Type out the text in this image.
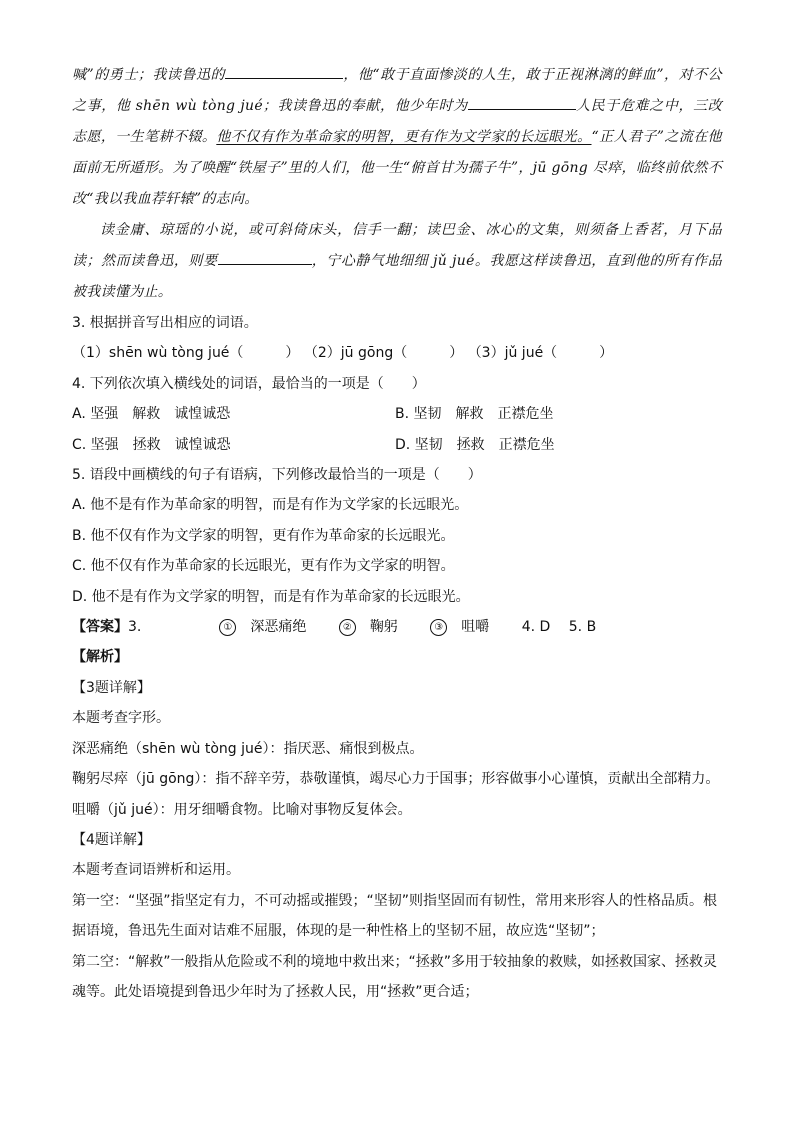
喊”的勇士；我读鲁迅的	，他“敢于直面惨淡的人生，敢于正视淋漓的鲜血”，对不公之事，他 shēn wù tòng jué；我读鲁迅的奉献，他少年时为	人民于危难之中，三改志愿，一生笔耕不辍。他不仅有作为革命家的明智，更有作为文学家的长远眼光。“正人君子”之流在他面前无所遁形。为了唤醒“铁屋子”里的人们，他一生“俯首甘为孺子牛”，jū gōng 尽瘁，临终前依然不改“我以我血荐轩辕”的志向。

读金庸、琼瑶的小说，或可斜倚床头，信手一翻；读巴金、冰心的文集，则须备上香茗，月下品读；然而读鲁迅，则要	，宁心静气地细细 jǔ jué。我愿这样读鲁迅，直到他的所有作品被我读懂为止。

3. 根据拼音写出相应的词语。

（1）shēn wù tòng jué（　　　） （2）jū gōng（　　　） （3）jǔ jué（　　　）

4. 下列依次填入横线处的词语，最恰当的一项是（　　）

A. 坚强　解救　诚惶诚恐	B. 坚韧　解救　正襟危坐
C. 坚强　拯救　诚惶诚恐	D. 坚韧　拯救　正襟危坐

5. 语段中画横线的句子有语病，下列修改最恰当的一项是（　　）

A. 他不是有作为革命家的明智，而是有作为文学家的长远眼光。

B. 他不仅有作为文学家的明智，更有作为革命家的长远眼光。

C. 他不仅有作为革命家的长远眼光，更有作为文学家的明智。

D. 他不是有作为文学家的明智，而是有作为革命家的长远眼光。

【答案】3.	① 深恶痛绝	② 鞠躬	③ 咀嚼 4. D 5. B

【解析】

【3题详解】

本题考查字形。

深恶痛绝（shēn wù tòng jué）：指厌恶、痛恨到极点。

鞠躬尽瘁（jū gōng）：指不辞辛劳，恭敬谨慎，竭尽心力于国事；形容做事小心谨慎，贡献出全部精力。

咀嚼（jǔ jué）：用牙细嚼食物。比喻对事物反复体会。

【4题详解】

本题考查词语辨析和运用。

第一空：“坚强”指坚定有力，不可动摇或摧毁；“坚韧”则指坚固而有韧性，常用来形容人的性格品质。根据语境，鲁迅先生面对诘难不屈服，体现的是一种性格上的坚韧不屈，故应选“坚韧”；

第二空：“解救”一般指从危险或不利的境地中救出来；“拯救”多用于较抽象的救赎，如拯救国家、拯救灵魂等。此处语境提到鲁迅少年时为了拯救人民，用“拯救”更合适；
